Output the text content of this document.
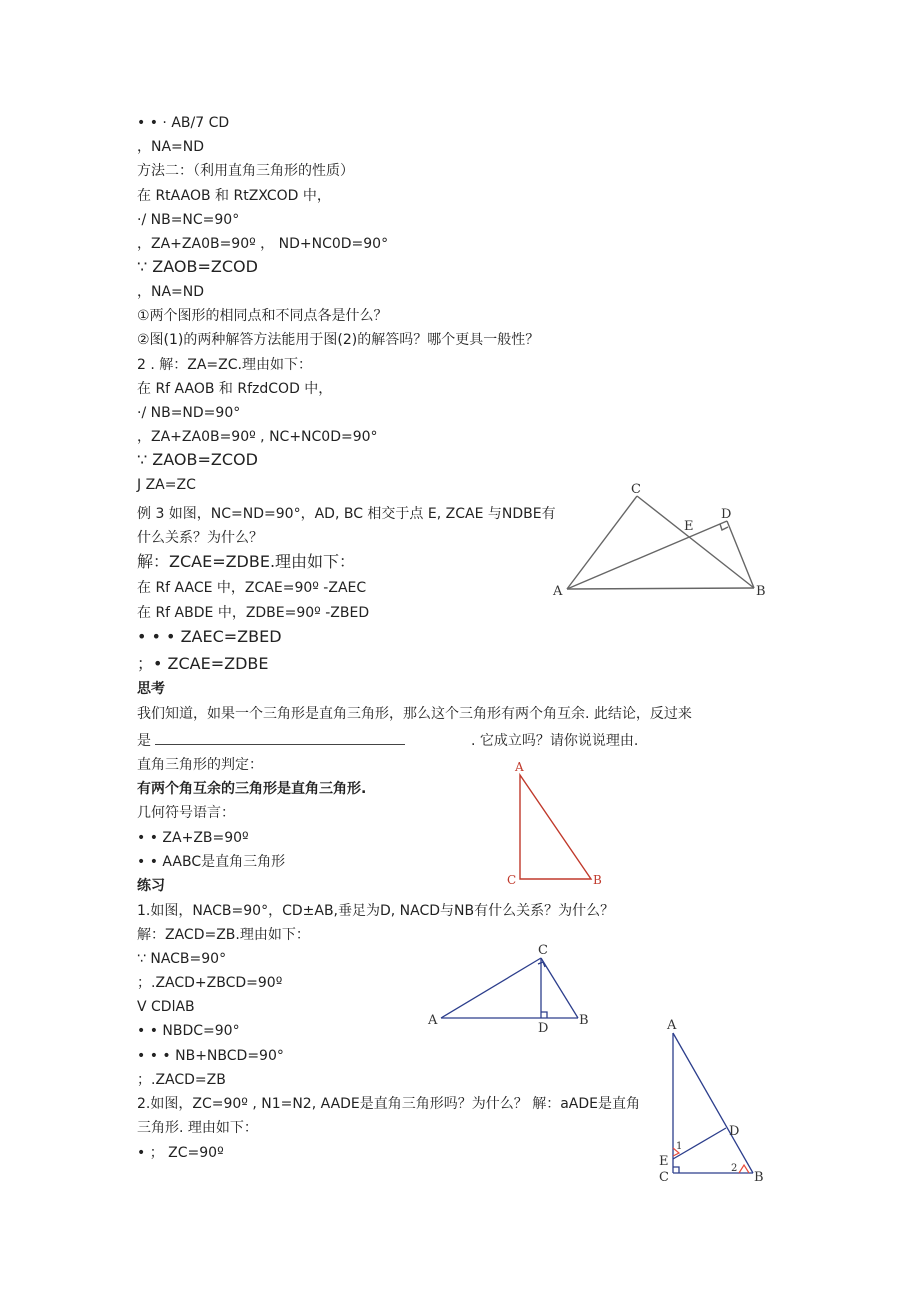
• • · AB/7 CD
，NA=ND
方法二：（利用直角三角形的性质）
在 RtAAOB 和 RtZXCOD 中，
·/ NB=NC=90°
，ZA+ZA0B=90º ， ND+NC0D=90°
∵ ZAOB=ZCOD
，NA=ND
①两个图形的相同点和不同点各是什么？
②图(1)的两种解答方法能用于图(2)的解答吗？哪个更具一般性？
2 . 解：ZA=ZC.理由如下：
在 Rf AAOB 和 RfzdCOD 中，
·/ NB=ND=90°
，ZA+ZA0B=90º , NC+NC0D=90°
∵ ZAOB=ZCOD
J ZA=ZC
例 3 如图，NC=ND=90°，AD, BC 相交于点 E, ZCAE 与NDBE有
什么关系？为什么？
解：ZCAE=ZDBE.理由如下：
在 Rf AACE 中，ZCAE=90º -ZAEC
在 Rf ABDE 中，ZDBE=90º -ZBED
• • • ZAEC=ZBED
；• ZCAE=ZDBE
思考
我们知道，如果一个三角形是直角三角形，那么这个三角形有两个角互余. 此结论，反过来
是	. 它成立吗？请你说说理由.
直角三角形的判定：
有两个角互余的三角形是直角三角形.
几何符号语言：
• • ZA+ZB=90º
• • AABC是直角三角形
练习
1.如图，NACB=90°，CD±AB,垂足为D, NACD与NB有什么关系？为什么？
解：ZACD=ZB.理由如下：
∵ NACB=90°
；.ZACD+ZBCD=90º
V CDlAB
• • NBDC=90°
• • • NB+NBCD=90°
；.ZACD=ZB
2.如图，ZC=90º , N1=N2, AADE是直角三角形吗？为什么？ 解：aADE是直角
三角形. 理由如下：
• ； ZC=90º
C
D
E
A	B
A
C	B
A
C
D
B	A
D
E
C	B
1
2
